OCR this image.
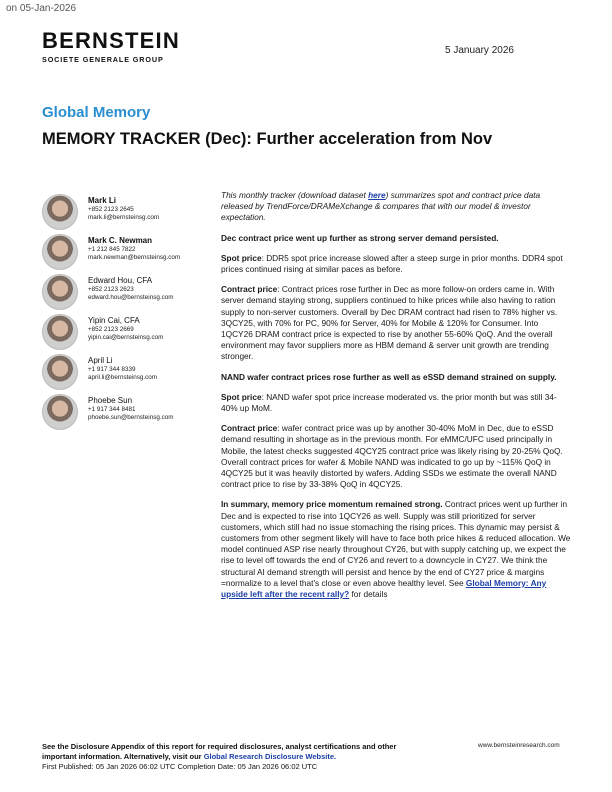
on 05-Jan-2026
BERNSTEIN
SOCIETE GENERALE GROUP
5 January 2026
Global Memory
MEMORY TRACKER (Dec): Further acceleration from Nov
Mark Li
+852 2123 2645
mark.li@bernsteinsg.com
Mark C. Newman
+1 212 845 7822
mark.newman@bernsteinsg.com
Edward Hou, CFA
+852 2123 2623
edward.hou@bernsteinsg.com
Yipin Cai, CFA
+852 2123 2669
yipin.cai@bernsteinsg.com
April Li
+1 917 344 8339
april.li@bernsteinsg.com
Phoebe Sun
+1 917 344 8481
phoebe.sun@bernsteinsg.com

This monthly tracker (download dataset here) summarizes spot and contract price data released by TrendForce/DRAMeXchange & compares that with our model & investor expectation.

Dec contract price went up further as strong server demand persisted.

Spot price: DDR5 spot price increase slowed after a steep surge in prior months. DDR4 spot prices continued rising at similar paces as before.

Contract price: Contract prices rose further in Dec as more follow-on orders came in. With server demand staying strong, suppliers continued to hike prices while also having to ration supply to non-server customers. Overall by Dec DRAM contract had risen to 78% higher vs. 3QCY25, with 70% for PC, 90% for Server, 40% for Mobile & 120% for Consumer. Into 1QCY26 DRAM contract price is expected to rise by another 55-60% QoQ. And the overall environment may favor suppliers more as HBM demand & server unit growth are trending stronger.

NAND wafer contract prices rose further as well as eSSD demand strained on supply.

Spot price: NAND wafer spot price increase moderated vs. the prior month but was still 34-40% up MoM.

Contract price: wafer contract price was up by another 30-40% MoM in Dec, due to eSSD demand resulting in shortage as in the previous month. For eMMC/UFC used principally in Mobile, the latest checks suggested 4QCY25 contract price was likely rising by 20-25% QoQ. Overall contract prices for wafer & Mobile NAND was indicated to go up by ~115% QoQ in 4QCY25 but it was heavily distorted by wafers. Adding SSDs we estimate the overall NAND contract price to rise by 33-38% QoQ in 4QCY25.

In summary, memory price momentum remained strong. Contract prices went up further in Dec and is expected to rise into 1QCY26 as well. Supply was still prioritized for server customers, which still had no issue stomaching the rising prices. This dynamic may persist & customers from other segment likely will have to face both price hikes & reduced allocation. We model continued ASP rise nearly throughout CY26, but with supply catching up, we expect the rise to level off towards the end of CY26 and revert to a downcycle in CY27. We think the structural AI demand strength will persist and hence by the end of CY27 price & margins =normalize to a level that's close or even above healthy level. See Global Memory: Any upside left after the recent rally? for details

See the Disclosure Appendix of this report for required disclosures, analyst certifications and other
important information. Alternatively, visit our Global Research Disclosure Website.
First Published: 05 Jan 2026 06:02 UTC Completion Date: 05 Jan 2026 06:02 UTC
www.bernsteinresearch.com
